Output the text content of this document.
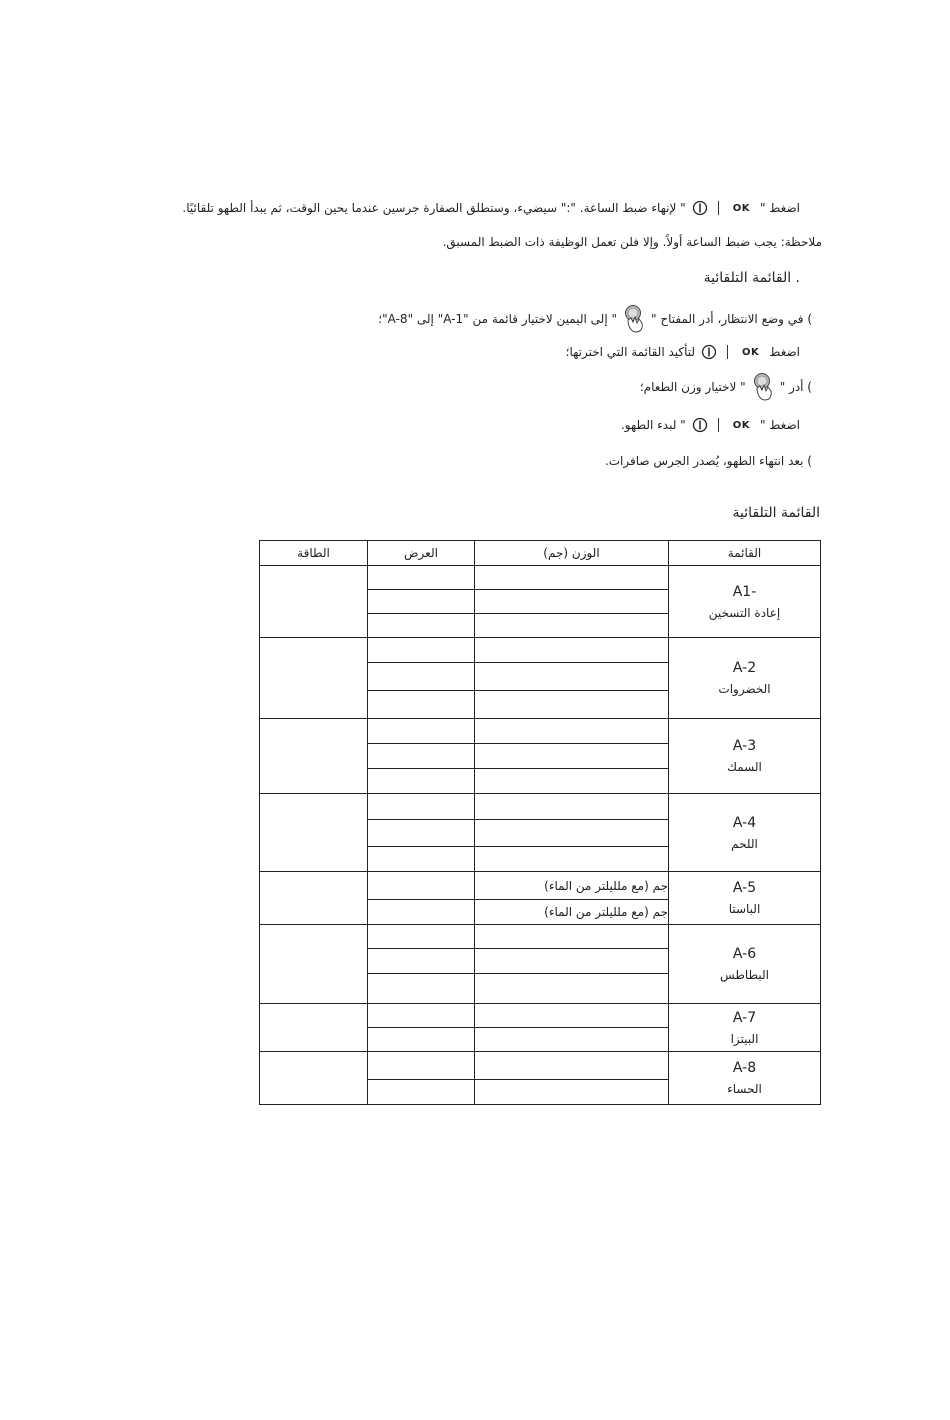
اضغط "
OK
" لإنهاء ضبط الساعة. ":" سيضيء، وستطلق الصفارة جرسين عندما يحين الوقت، ثم يبدأ الطهو تلقائيًا.
ملاحظة: يجب ضبط الساعة أولاً. وإلا فلن تعمل الوظيفة ذات الضبط المسبق.
. القائمة التلقائية
) في وضع الانتظار، أدر المفتاح "
" إلى اليمين لاختيار قائمة من "A-1" إلى "A-8"؛
اضغط
OK
لتأكيد القائمة التي اخترتها؛
) أدر "
" لاختيار وزن الطعام؛
اضغط "
OK
" لبدء الطهو.
) بعد انتهاء الطهو، يُصدر الجرس صافرات.
القائمة التلقائية
الطاقة	العرض	الوزن (جم)	القائمة

			A1-
إعادة التسخين

			A-2
الخضروات

			A-3
السمك

			A-4
اللحم

		جم (مع ملليلتر من الماء)	A-5
الباستا

		جم (مع ملليلتر من الماء)	

			A-6
البطاطس

			A-7
البيتزا

			A-8
الحساء
